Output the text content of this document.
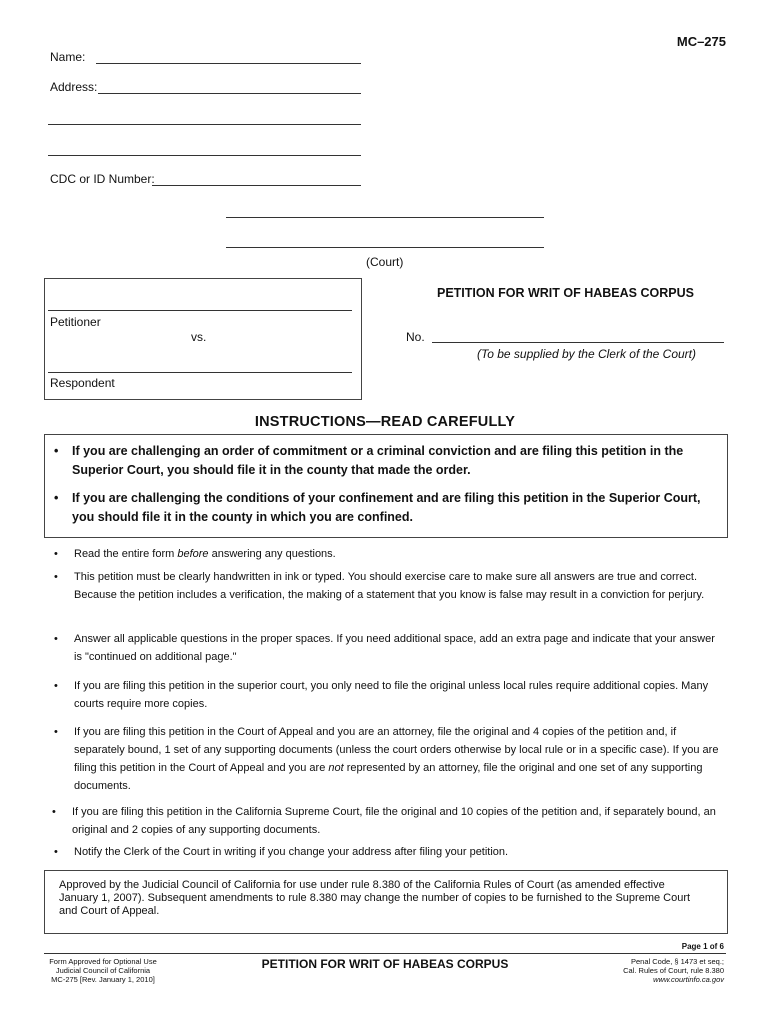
MC–275
Name:
Address:
CDC or ID Number:
(Court)
Petitioner
vs.
Respondent
PETITION FOR WRIT OF HABEAS CORPUS
No.
(To be supplied by the Clerk of the Court)
INSTRUCTIONS—READ CAREFULLY
• If you are challenging an order of commitment or a criminal conviction and are filing this petition in the Superior Court, you should file it in the county that made the order.
• If you are challenging the conditions of your confinement and are filing this petition in the Superior Court, you should file it in the county in which you are confined.
• Read the entire form before answering any questions.
• This petition must be clearly handwritten in ink or typed. You should exercise care to make sure all answers are true and correct. Because the petition includes a verification, the making of a statement that you know is false may result in a conviction for perjury.
• Answer all applicable questions in the proper spaces. If you need additional space, add an extra page and indicate that your answer is "continued on additional page."
• If you are filing this petition in the superior court, you only need to file the original unless local rules require additional copies. Many courts require more copies.
• If you are filing this petition in the Court of Appeal and you are an attorney, file the original and 4 copies of the petition and, if separately bound, 1 set of any supporting documents (unless the court orders otherwise by local rule or in a specific case). If you are filing this petition in the Court of Appeal and you are not represented by an attorney, file the original and one set of any supporting documents.
• If you are filing this petition in the California Supreme Court, file the original and 10 copies of the petition and, if separately bound, an original and 2 copies of any supporting documents.
• Notify the Clerk of the Court in writing if you change your address after filing your petition.
Approved by the Judicial Council of California for use under rule 8.380 of the California Rules of Court (as amended effective January 1, 2007). Subsequent amendments to rule 8.380 may change the number of copies to be furnished to the Supreme Court and Court of Appeal.
Page 1 of 6
Form Approved for Optional Use
Judicial Council of California
MC-275 [Rev. January 1, 2010]
PETITION FOR WRIT OF HABEAS CORPUS	Penal Code, § 1473 et seq.;
Cal. Rules of Court, rule 8.380
www.courtinfo.ca.gov
